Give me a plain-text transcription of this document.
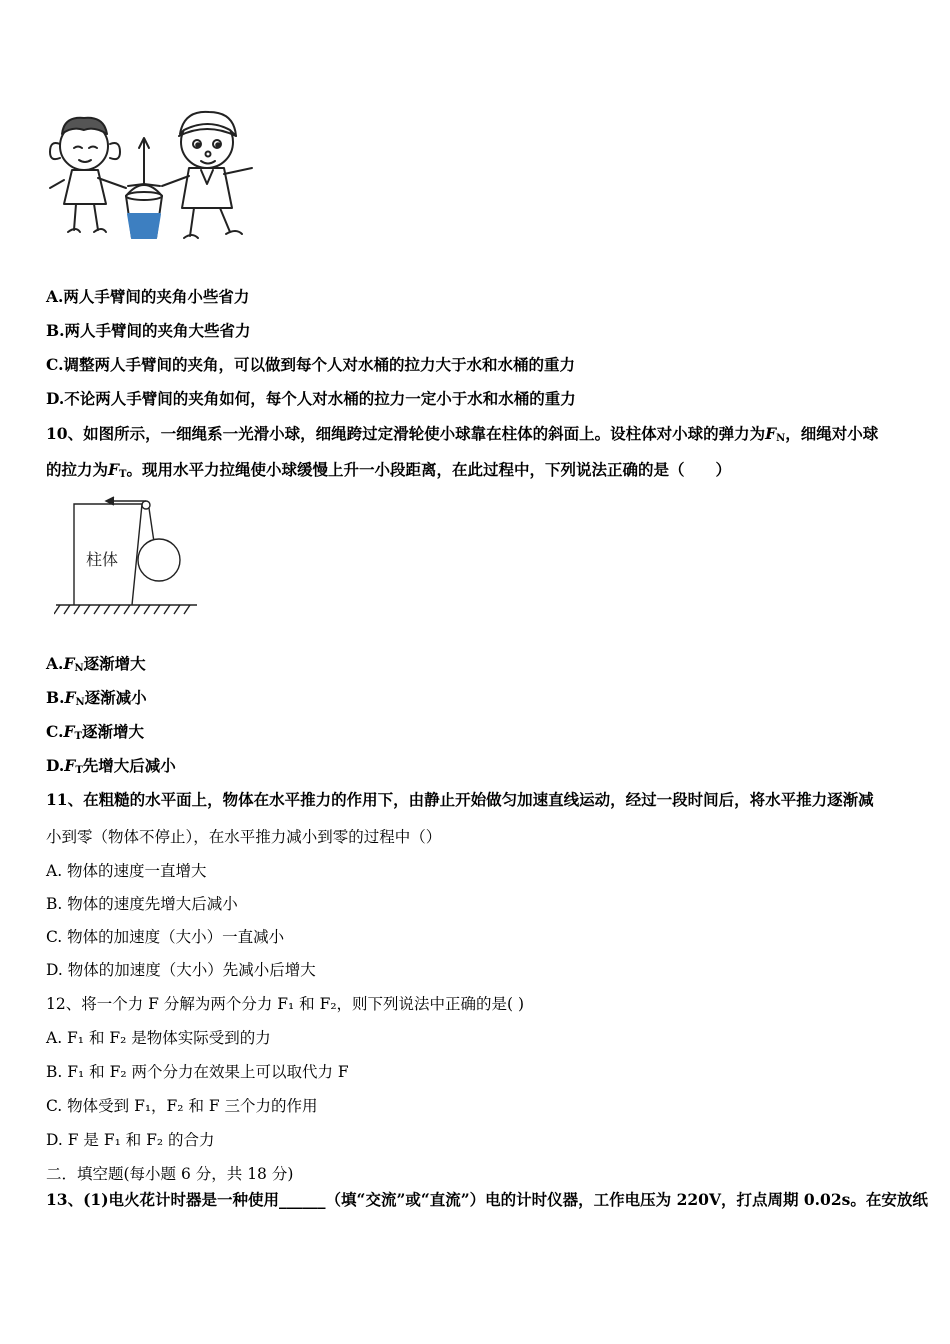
A.两人手臂间的夹角小些省力
B.两人手臂间的夹角大些省力
C.调整两人手臂间的夹角，可以做到每个人对水桶的拉力大于水和水桶的重力
D.不论两人手臂间的夹角如何，每个人对水桶的拉力一定小于水和水桶的重力
10、如图所示，一细绳系一光滑小球，细绳跨过定滑轮使小球靠在柱体的斜面上。设柱体对小球的弹力为$F_N$，细绳对小球
的拉力为$F_T$。现用水平力拉绳使小球缓慢上升一小段距离，在此过程中，下列说法正确的是（　　）
柱体
$A.F_N$逐渐增大
$B.F_N$逐渐减小
$C.F_T$逐渐增大
$D.F_T$先增大后减小
11、在粗糙的水平面上，物体在水平推力的作用下，由静止开始做匀加速直线运动，经过一段时间后，将水平推力逐渐减
小到零（物体不停止），在水平推力减小到零的过程中（）
A. 物体的速度一直增大
B. 物体的速度先增大后减小
C. 物体的加速度（大小）一直减小
D. 物体的加速度（大小）先减小后增大
12、将一个力 F 分解为两个分力 F₁ 和 F₂，则下列说法中正确的是( )
A. F₁ 和 F₂ 是物体实际受到的力
B. F₁ 和 F₂ 两个分力在效果上可以取代力 F
C. 物体受到 F₁，F₂ 和 F 三个力的作用
D. F 是 F₁ 和 F₂ 的合力
二．填空题(每小题 6 分，共 18 分)
13、(1)电火花计时器是一种使用______（填“交流”或“直流”）电的计时仪器，工作电压为 220V，打点周期 0.02s。在安放纸
